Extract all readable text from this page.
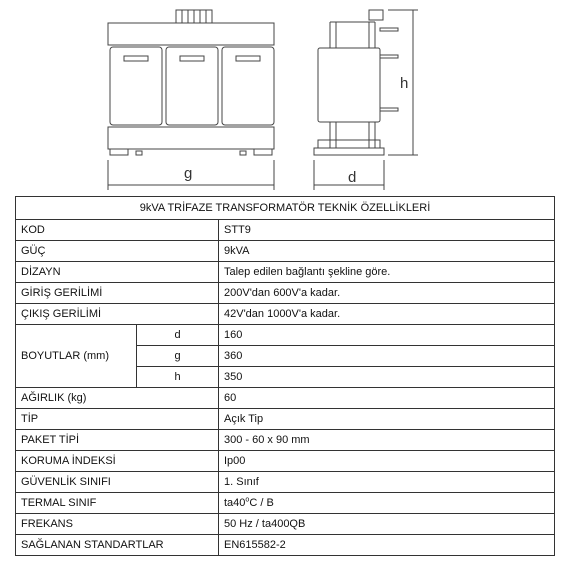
g
h
d
9kVA TRİFAZE TRANSFORMATÖR TEKNİK ÖZELLİKLERİ		
KOD		STT9
GÜÇ		9kVA
DİZAYN		Talep edilen bağlantı şekline göre.
GİRİŞ GERİLİMİ		200V'dan 600V'a kadar.
ÇIKIŞ GERİLİMİ		42V'dan 1000V'a kadar.
BOYUTLAR (mm)	d	160
	g	360
	h	350
AĞIRLIK (kg)		60
TİP		Açık Tip
PAKET TİPİ		300 - 60 x 90 mm
KORUMA İNDEKSİ		Ip00
GÜVENLİK SINIFI		1. Sınıf
TERMAL SINIF		ta40$^o$C / B
FREKANS		50 Hz / ta400QB
SAĞLANAN STANDARTLAR		EN615582-2
